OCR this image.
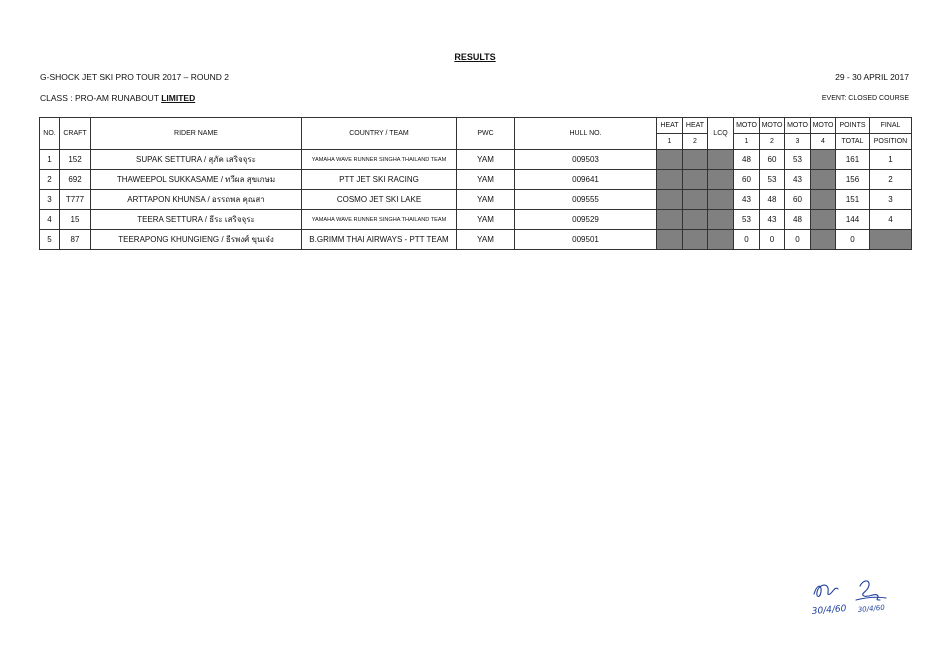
RESULTS
G-SHOCK JET SKI PRO TOUR 2017 – ROUND 2	29 - 30 APRIL 2017
CLASS : PRO-AM RUNABOUT LIMITED	EVENT: CLOSED COURSE
NO.	CRAFT	RIDER NAME	COUNTRY / TEAM	PWC	HULL NO.	HEAT	HEAT	LCQ	MOTO	MOTO	MOTO	MOTO	POINTS	FINAL
						1	2		1	2	3	4	TOTAL	POSITION
1	152	SUPAK SETTURA / สุภัค เสริจจุระ	YAMAHA WAVE RUNNER SINGHA THAILAND TEAM	YAM	009503				48	60	53		161	1
2	692	THAWEEPOL SUKKASAME / ทวีผล สุขเกษม	PTT JET SKI RACING	YAM	009641				60	53	43		156	2
3	T777	ARTTAPON KHUNSA / อรรถพล คุณสา	COSMO JET SKI LAKE	YAM	009555				43	48	60		151	3
4	15	TEERA SETTURA / ธีระ เสริจจุระ	YAMAHA WAVE RUNNER SINGHA THAILAND TEAM	YAM	009529				53	43	48		144	4
5	87	TEERAPONG KHUNGIENG / ธีรพงศ์ ขุนเจ๋ง	B.GRIMM THAI AIRWAYS - PTT TEAM	YAM	009501				0	0	0		0	
30/4/60 30/4/60
